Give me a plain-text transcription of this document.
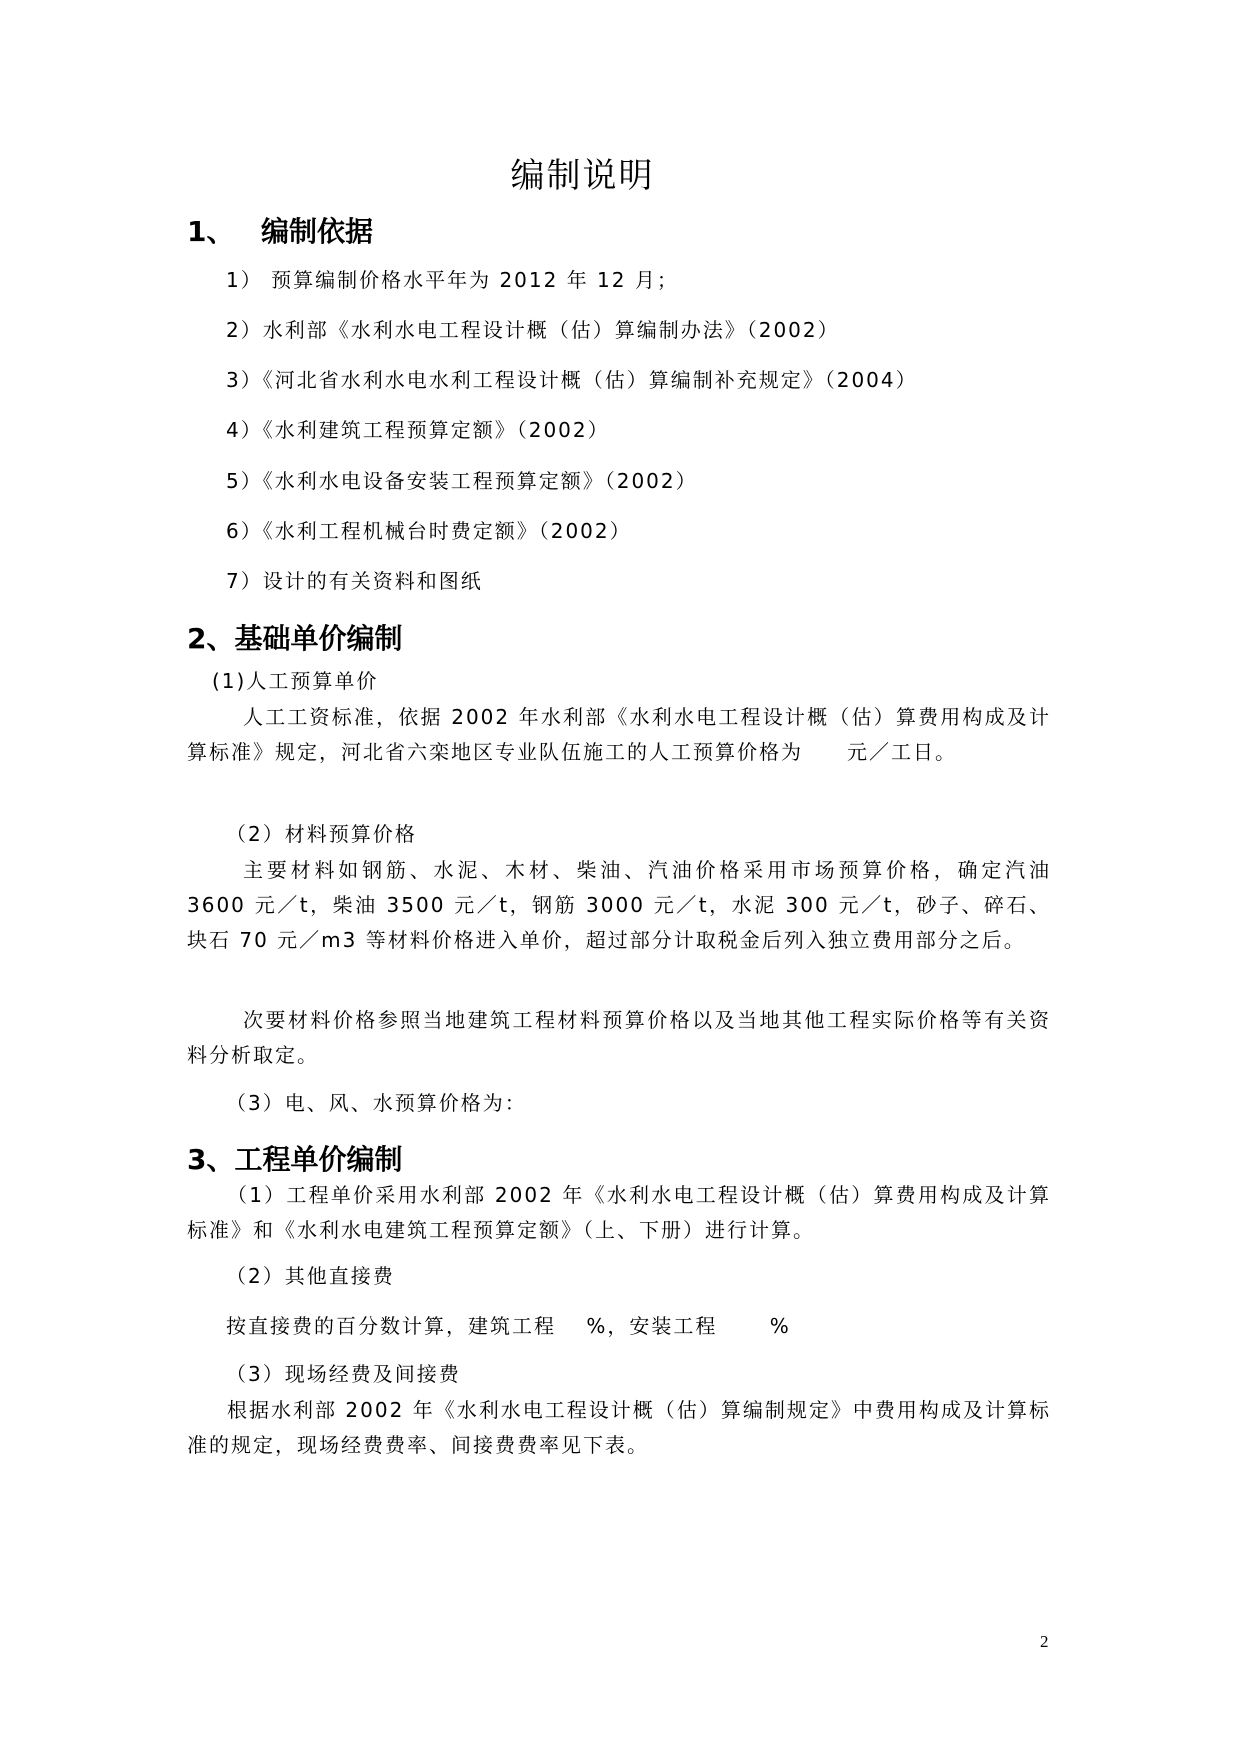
编制说明
1、 编制依据
1） 预算编制价格水平年为 2012 年 12 月；
2）水利部《水利水电工程设计概（估）算编制办法》（2002）
3）《河北省水利水电水利工程设计概（估）算编制补充规定》（2004）
4）《水利建筑工程预算定额》（2002）
5）《水利水电设备安装工程预算定额》（2002）
6）《水利工程机械台时费定额》（2002）
7）设计的有关资料和图纸
2、基础单价编制
(1)人工预算单价
人工工资标准，依据 2002 年水利部《水利水电工程设计概（估）算费用构成及计算标准》规定，河北省六栾地区专业队伍施工的人工预算价格为　　元／工日。
（2）材料预算价格
主要材料如钢筋、水泥、木材、柴油、汽油价格采用市场预算价格，确定汽油 3600 元／t，柴油 3500 元／t，钢筋 3000 元／t，水泥 300 元／t，砂子、碎石、块石 70 元／m3 等材料价格进入单价，超过部分计取税金后列入独立费用部分之后。
次要材料价格参照当地建筑工程材料预算价格以及当地其他工程实际价格等有关资料分析取定。
（3）电、风、水预算价格为：
3、工程单价编制
（1）工程单价采用水利部 2002 年《水利水电工程设计概（估）算费用构成及计算标准》和《水利水电建筑工程预算定额》（上、下册）进行计算。
（2）其他直接费
按直接费的百分数计算，建筑工程　 %，安装工程　　 %
（3）现场经费及间接费
根据水利部 2002 年《水利水电工程设计概（估）算编制规定》中费用构成及计算标准的规定，现场经费费率、间接费费率见下表。
2
